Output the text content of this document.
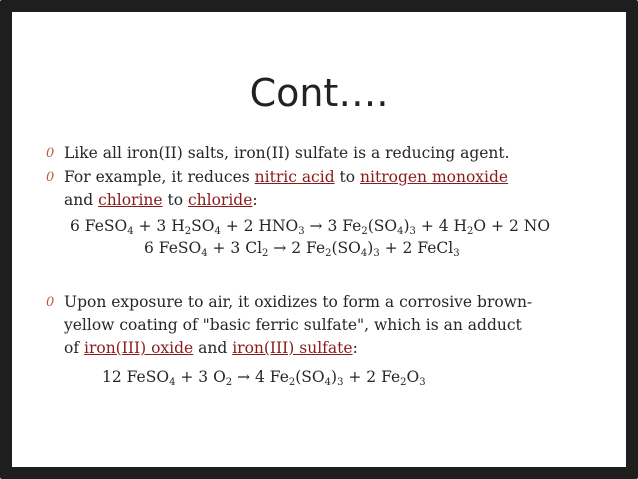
Cont….
0 Like all iron(II) salts, iron(II) sulfate is a reducing agent.
0 For example, it reduces nitric acid to nitrogen monoxide
and chlorine to chloride:
6 FeSO$_4$ + 3 $H_2SO_4 + 2$ $HNO_3 \to 3$ $Fe_2(SO_4)_3 + 4$ $H_2O + 2$ NO
6 FeSO$_4$ + 3 $Cl_2 \to 2$ $Fe_2(SO_4)_3 + 2$ FeCl$_3$
0 Upon exposure to air, it oxidizes to form a corrosive brown-
yellow coating of "basic ferric sulfate", which is an adduct
of iron(III) oxide and iron(III) sulfate:
12 FeSO$_4$ + 3 $O_2 \to 4$ $Fe_2(SO_4)_3 + 2$ $Fe_2O_3$
